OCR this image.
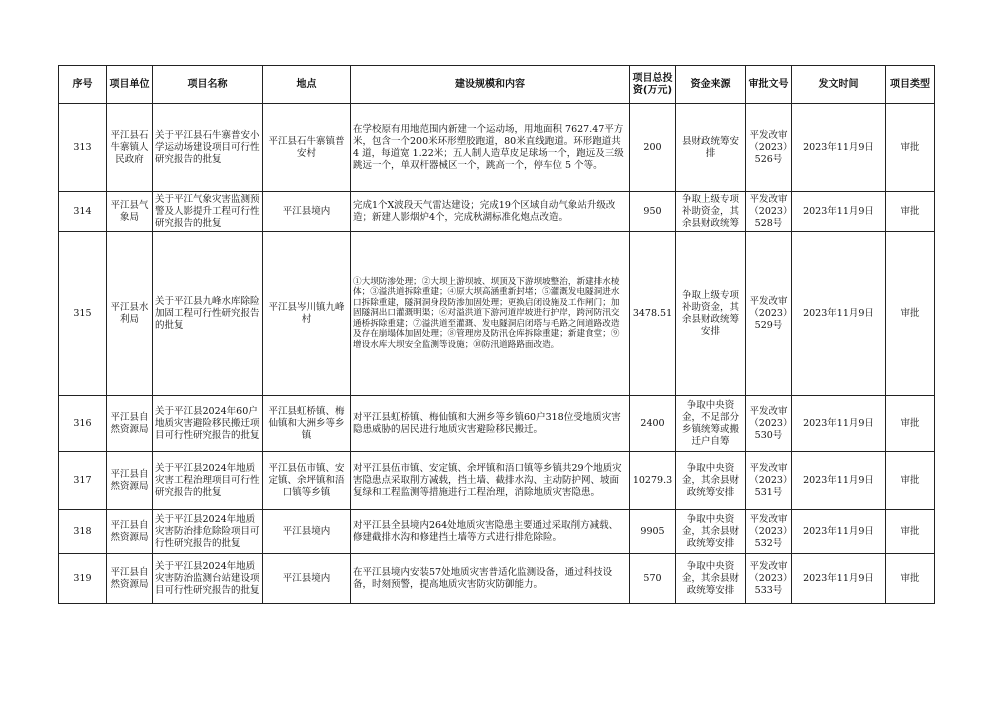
序号	项目单位	项目名称	地点	建设规模和内容	项目总投资(万元)	资金来源	审批文号	发文时间	项目类型
313	平江县石牛寨镇人民政府	关于平江县石牛寨普安小学运动场建设项目可行性研究报告的批复	平江县石牛寨镇普安村	在学校原有用地范围内新建一个运动场，用地面积 7627.47平方米，包含一个200米环形塑胶跑道，80米直线跑道。环形跑道共 4 道，每道宽 1.22米；五人制人造草皮足球场一个，跑远及三级跳远一个，单双杆器械区一个，跳高一个，停车位 5 个等。	200	县财政统筹安排	平发改审（2023）526号	2023年11月9日	审批
314	平江县气象局	关于平江气象灾害监测预警及人影提升工程可行性研究报告的批复	平江县境内	完成1个X波段天气雷达建设；完成19个区域自动气象站升级改造；新建人影烟炉4个，完成秋湖标准化炮点改造。	950	争取上级专项补助资金，其余县财政统筹	平发改审（2023）528号	2023年11月9日	审批
315	平江县水利局	关于平江县九峰水库除险加固工程可行性研究报告的批复	平江县岑川镇九峰村	①大坝防渗处理；②大坝上游坝坡、坝顶及下游坝坡整治，新建排水棱体；③溢洪道拆除重建；④原大坝高涵重新封堵；⑤灌溉发电隧洞进水口拆除重建，隧洞洞身段防渗加固处理；更换启闭设施及工作闸门；加固隧洞出口灌溉明渠；⑥对溢洪道下游河道岸坡进行护岸，跨河防汛交通桥拆除重建；⑦溢洪道至灌溉、发电隧洞启闭塔与毛路之间道路改造及存在崩塌体加固处理；⑧管理房及防汛仓库拆除重建；新建食堂；⑨增设水库大坝安全监测等设施；⑩防汛道路路面改造。	3478.51	争取上级专项补助资金，其余县财政统筹安排	平发改审（2023）529号	2023年11月9日	审批
316	平江县自然资源局	关于平江县2024年60户地质灾害避险移民搬迁项目可行性研究报告的批复	平江县虹桥镇、梅仙镇和大洲乡等乡镇	对平江县虹桥镇、梅仙镇和大洲乡等乡镇60户318位受地质灾害隐患威胁的居民进行地质灾害避险移民搬迁。	2400	争取中央资金，不足部分乡镇统筹或搬迁户自筹	平发改审（2023）530号	2023年11月9日	审批
317	平江县自然资源局	关于平江县2024年地质灾害工程治理项目可行性研究报告的批复	平江县伍市镇、安定镇、余坪镇和浯口镇等乡镇	对平江县伍市镇、安定镇、余坪镇和浯口镇等乡镇共29个地质灾害隐患点采取削方减载，挡土墙、截排水沟、主动防护网、坡面复绿和工程监测等措施进行工程治理，消除地质灾害隐患。	10279.3	争取中央资金，其余县财政统筹安排	平发改审（2023）531号	2023年11月9日	审批
318	平江县自然资源局	关于平江县2024年地质灾害防治排危除险项目可行性研究报告的批复	平江县境内	对平江县全县境内264处地质灾害隐患主要通过采取削方减载、修建截排水沟和修建挡土墙等方式进行排危除险。	9905	争取中央资金，其余县财政统筹安排	平发改审（2023）532号	2023年11月9日	审批
319	平江县自然资源局	关于平江县2024年地质灾害防治监测台站建设项目可行性研究报告的批复	平江县境内	在平江县境内安装57处地质灾害普适化监测设备，通过科技设备，时刻预警，提高地质灾害防灾防御能力。	570	争取中央资金，其余县财政统筹安排	平发改审（2023）533号	2023年11月9日	审批
